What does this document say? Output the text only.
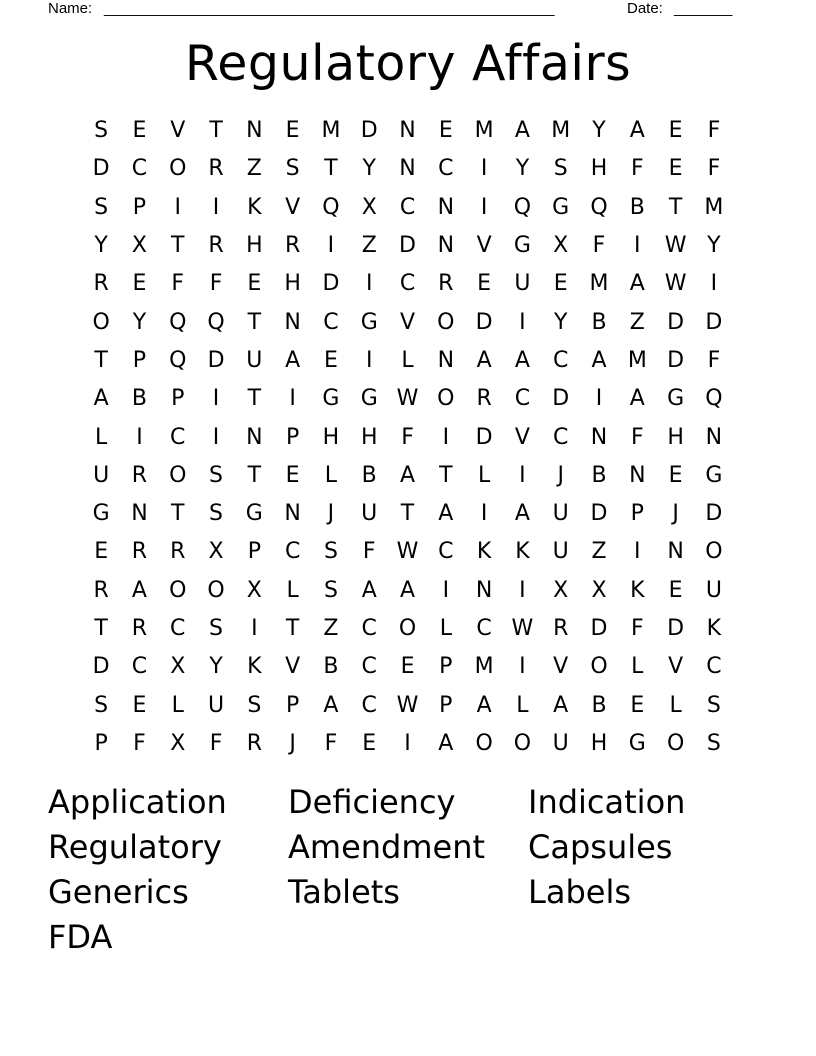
Name: ______________________________________________________	Date: _______
Regulatory Affairs
S	E	V	T	N	E M D N	E M A M	Y	A	E	F
D	C O R	Z	S	T	Y	N	C	I	Y	S	H	F	E	F
S	P	I	I	K	V	Q	X	C	N	I	Q G Q	B	T	M
Y	X	T	R	H	R	I	Z	D N	V	G	X	F	I	W Y
R	E	F	F	E	H D	I	C	R	E	U	E M A W	I
O	Y	Q Q	T	N	C	G	V	O D	I	Y	B	Z	D D
T	P	Q D U	A	E	I	L	N	A	A	C	A M D	F
A	B	P	I	T	I	G G W O R	C	D	I	A	G Q
L	I	C	I	N	P	H H	F	I	D	V	C	N	F	H N
U	R O	S	T	E	L	B	A	T	L	I	J	B	N	E	G
G N	T	S	G N	J	U	T	A	I	A	U D	P	J	D
E	R	R	X	P	C	S	F W C	K	K	U	Z	I	N O
R	A	O O	X	L	S	A	A	I	N	I	X	X	K	E	U
T	R	C	S	I	T	Z	C O	L	C W R	D	F	D	K
D	C	X	Y	K	V	B	C	E	P	M	I	V	O	L	V	C
S	E	L	U	S	P	A	C W P	A	L	A	B	E	L	S
P	F	X	F	R	J	F	E	I	A	O O U H G O	S
Application	Deficiency	Indication
Regulatory	Amendment	Capsules
Generics	Tablets	Labels
FDA
